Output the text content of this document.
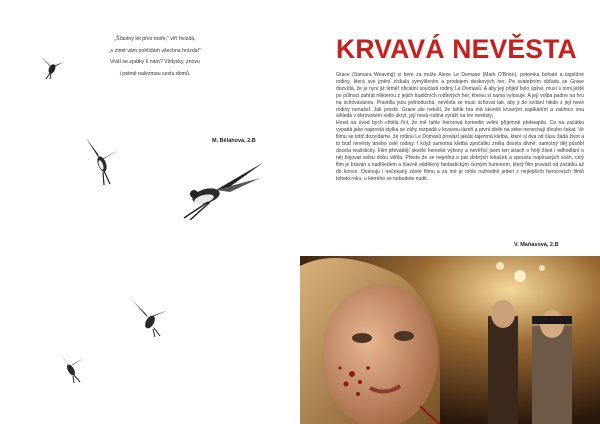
„Šťastný let přes moře,“ víří hvízdá,
„v zimě vám pohlídám všechna hnízda!“
Vrátí se zpátky k nám? Vždycky, znovu
i potmě nalezmou cestu domů.
M. Bělahová, 2.B
KRVAVÁ NEVĚSTA

Grace (Samara Weaving) si bere za muže Alexe Le Domase (Mark O'Brien), potomka bohaté a úspěšné rodiny, která své jmění získala vymýšlením a prodejem deskových her. Po svatebním obřadu se Grace dozvídá, že je nyní již téměř oficiální součástí rodiny Le Domasů. A aby její přijetí bylo úplné, musí s nimi ještě po půlnoci zahrát některou z jejich tradičních rodinných her, kterou si sama vylosuje. A její volba padne na hru na schovávanou. Pravidla jsou jednoduchá, nevěsta se musí schovat tak, aby ji do svítání nikdo z její nové rodiny nenašel. Jak prosté. Grace ale netuší, že tahle hra má skončit krvavým zapíkáním a zatímco ona sihledá v obrovském sídle úkryt, její nová rodina vyráží na lov nevěsty.

Hned na úvod bych chtěla říct, že mě tahle hororová komedie velmi příjemně překvapila. Co na začátku vypadá jako naprostá idylka se záhy rozpadá v krvavou lázeň a první oběti na sebe nenechají dlouho čekat. Ve filmu se totiž dozvídáme, že rodinu Le Domasů provází jakási tajemná kletba, které si dva od čásu žádá život a to buď nevěsty anebo celé rodiny. I když samotná kletba zpočátku zněla docela divně, samotný děj působí docela realisticky. Film převádějí skvělé herecké výkony a nevěřící jsem ten strach o holý život i odhodlání o něj bojovat celou dobu věřila. Přesto že se nejedná o pár dobrých lekaček a spoustu napínavých scén, celý film je bráván s nadhledem a hlavně oddělený fantastickým černým humorem, který film provází od začátku až do konce. Ocenuju i nečekaný závěr filmu a za mě je tohle rozhodně jeden z nejlepších hororových filmů tohoto roku, u kterého se nebudete nudit.

V. Maňasová, 2.B
